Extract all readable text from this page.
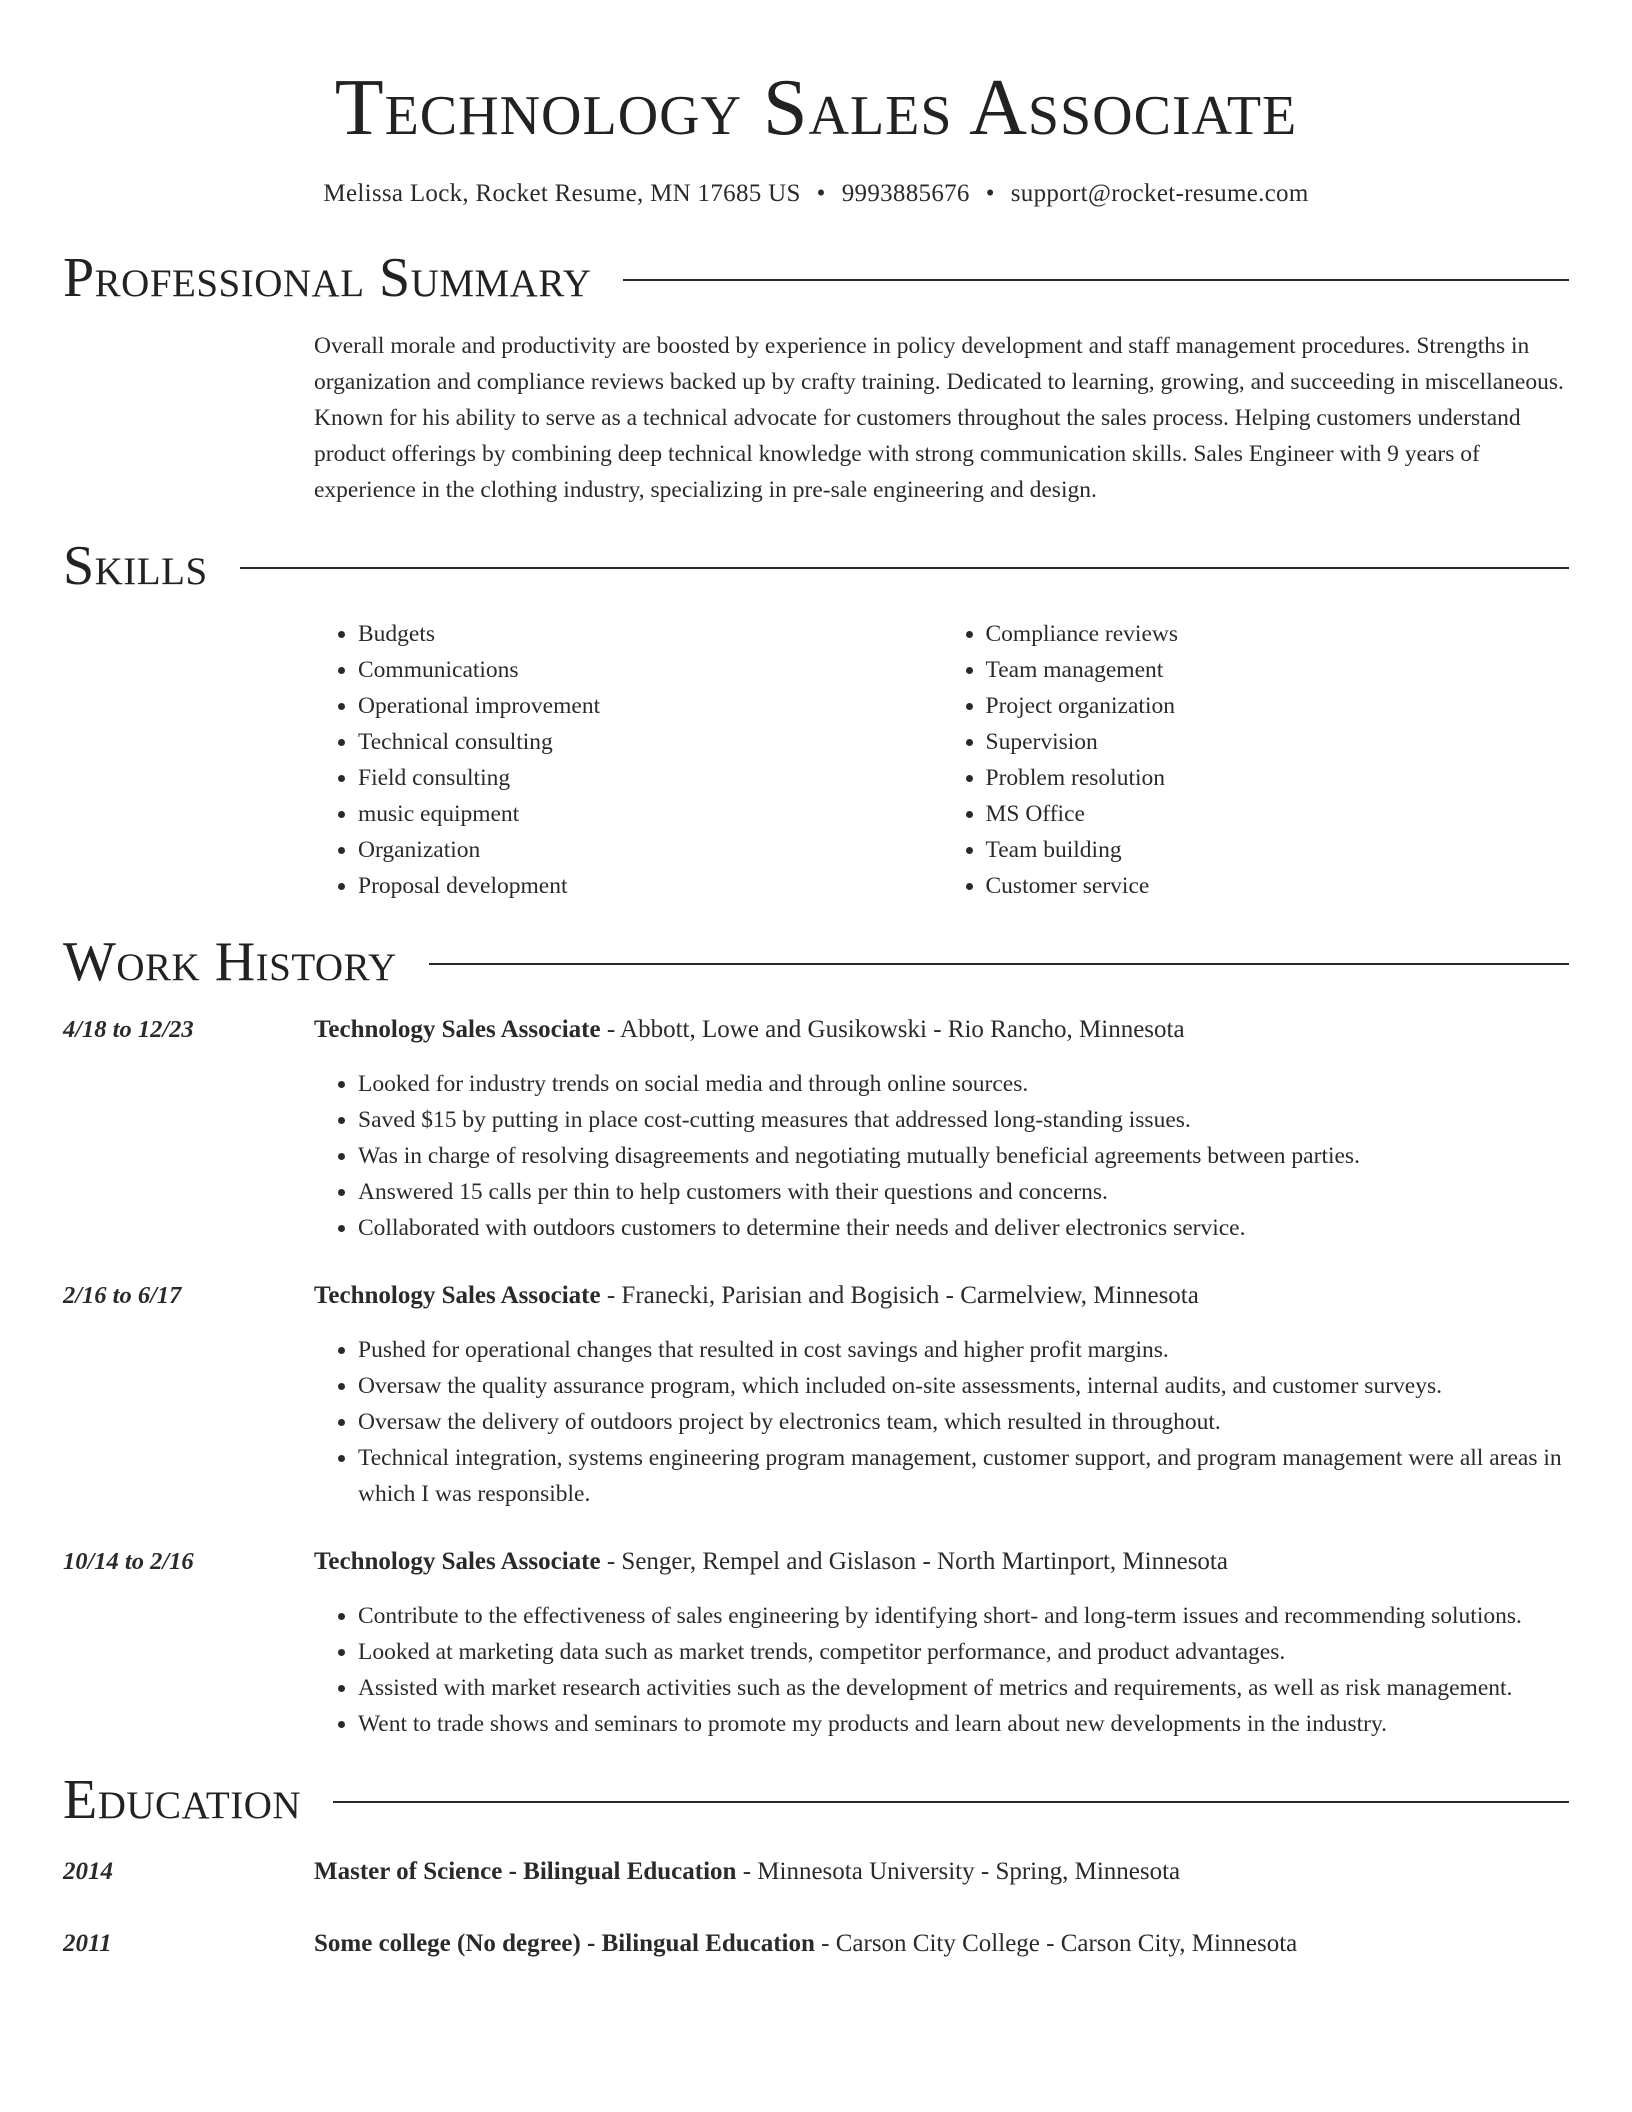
Technology Sales Associate
Melissa Lock, Rocket Resume, MN 17685 US • 9993885676 • support@rocket-resume.com
Professional Summary

Overall morale and productivity are boosted by experience in policy development and staff management procedures. Strengths in organization and compliance reviews backed up by crafty training. Dedicated to learning, growing, and succeeding in miscellaneous. Known for his ability to serve as a technical advocate for customers throughout the sales process. Helping customers understand product offerings by combining deep technical knowledge with strong communication skills. Sales Engineer with 9 years of experience in the clothing industry, specializing in pre-sale engineering and design.

Skills
• Budgets
• Communications
• Operational improvement
• Technical consulting
• Field consulting
• music equipment
• Organization
• Proposal development
• Compliance reviews
• Team management
• Project organization
• Supervision
• Problem resolution
• MS Office
• Team building
• Customer service
Work History
4/18 to 12/23	Technology Sales Associate - Abbott, Lowe and Gusikowski - Rio Rancho, Minnesota
• Looked for industry trends on social media and through online sources.
• Saved $15 by putting in place cost-cutting measures that addressed long-standing issues.
• Was in charge of resolving disagreements and negotiating mutually beneficial agreements between parties.
• Answered 15 calls per thin to help customers with their questions and concerns.
• Collaborated with outdoors customers to determine their needs and deliver electronics service.
2/16 to 6/17	Technology Sales Associate - Franecki, Parisian and Bogisich - Carmelview, Minnesota
• Pushed for operational changes that resulted in cost savings and higher profit margins.
• Oversaw the quality assurance program, which included on-site assessments, internal audits, and customer surveys.
• Oversaw the delivery of outdoors project by electronics team, which resulted in throughout.
• Technical integration, systems engineering program management, customer support, and program management were all areas in which I was responsible.
10/14 to 2/16	Technology Sales Associate - Senger, Rempel and Gislason - North Martinport, Minnesota
• Contribute to the effectiveness of sales engineering by identifying short- and long-term issues and recommending solutions.
• Looked at marketing data such as market trends, competitor performance, and product advantages.
• Assisted with market research activities such as the development of metrics and requirements, as well as risk management.
• Went to trade shows and seminars to promote my products and learn about new developments in the industry.
Education
2014	Master of Science - Bilingual Education - Minnesota University - Spring, Minnesota
2011	Some college (No degree) - Bilingual Education - Carson City College - Carson City, Minnesota
